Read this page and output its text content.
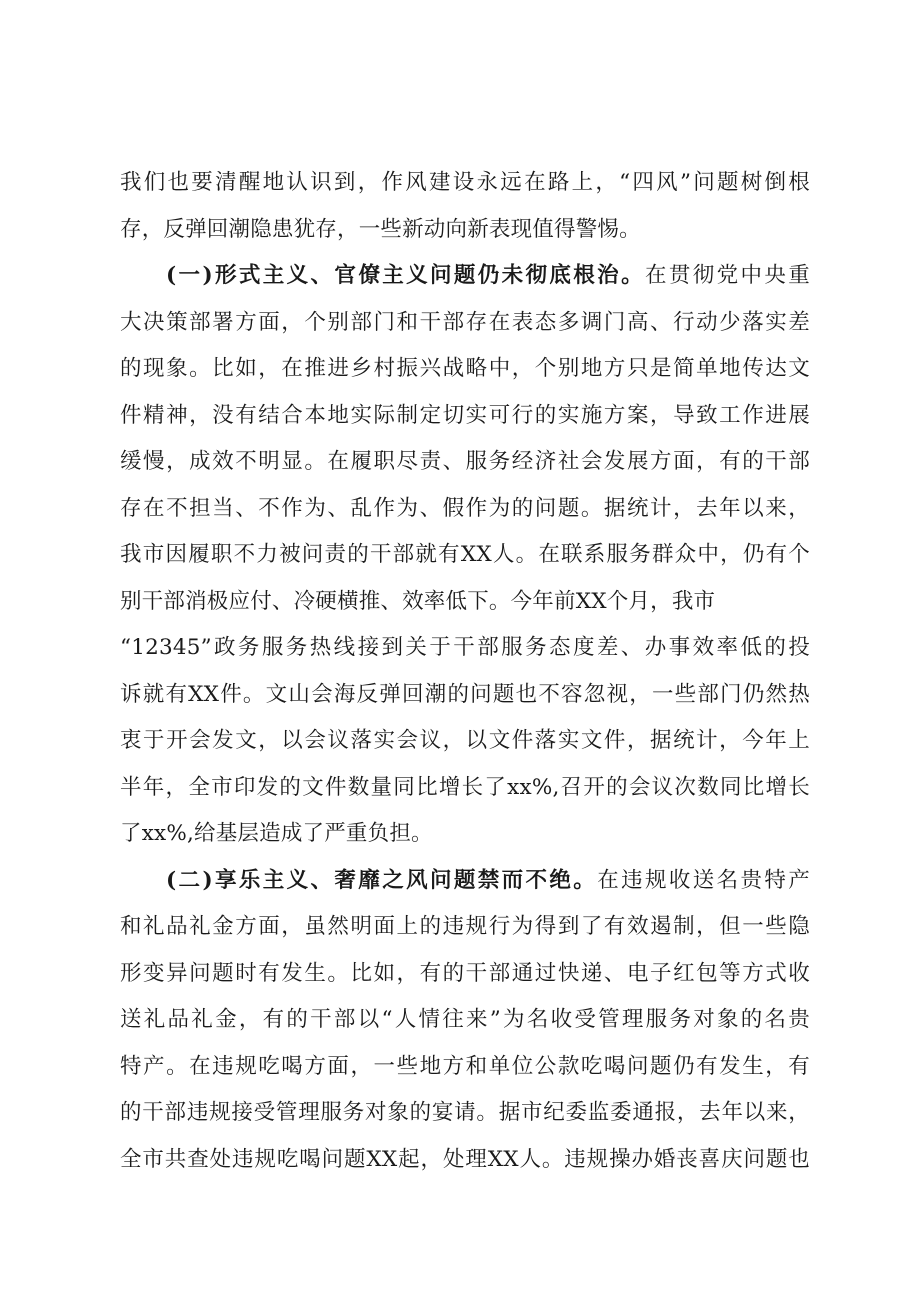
我们也要清醒地认识到，作风建设永远在路上，“四风”问题树倒根
存，反弹回潮隐患犹存，一些新动向新表现值得警惕。
(一)形式主义、官僚主义问题仍未彻底根治。在贯彻党中央重
大决策部署方面，个别部门和干部存在表态多调门高、行动少落实差
的现象。比如，在推进乡村振兴战略中，个别地方只是简单地传达文
件精神，没有结合本地实际制定切实可行的实施方案，导致工作进展
缓慢，成效不明显。在履职尽责、服务经济社会发展方面，有的干部
存在不担当、不作为、乱作为、假作为的问题。据统计，去年以来，
我市因履职不力被问责的干部就有XX人。在联系服务群众中，仍有个
别干部消极应付、冷硬横推、效率低下。今年前XX个月，我市
“12345”政务服务热线接到关于干部服务态度差、办事效率低的投
诉就有XX件。文山会海反弹回潮的问题也不容忽视，一些部门仍然热
衷于开会发文，以会议落实会议，以文件落实文件，据统计，今年上
半年，全市印发的文件数量同比增长了xx%,召开的会议次数同比增长
了xx%,给基层造成了严重负担。
(二)享乐主义、奢靡之风问题禁而不绝。在违规收送名贵特产
和礼品礼金方面，虽然明面上的违规行为得到了有效遏制，但一些隐
形变异问题时有发生。比如，有的干部通过快递、电子红包等方式收
送礼品礼金，有的干部以“人情往来”为名收受管理服务对象的名贵
特产。在违规吃喝方面，一些地方和单位公款吃喝问题仍有发生，有
的干部违规接受管理服务对象的宴请。据市纪委监委通报，去年以来，
全市共查处违规吃喝问题XX起，处理XX人。违规操办婚丧喜庆问题也
